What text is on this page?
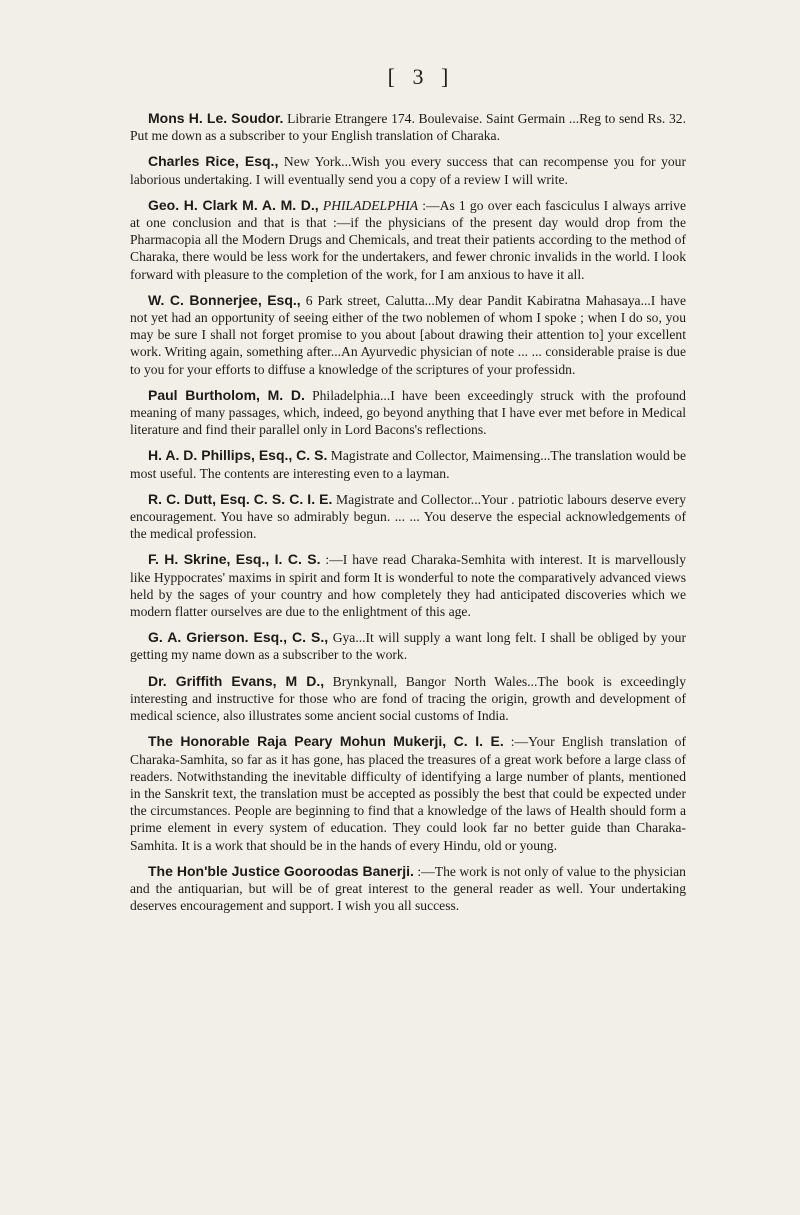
[ 3 ]

Mons H. Le. Soudor. Librarie Etrangere 174. Boulevaise. Saint Germain ...Reg to send Rs. 32. Put me down as a subscriber to your English translation of Charaka.

Charles Rice, Esq., New York...Wish you every success that can recompense you for your laborious undertaking. I will eventually send you a copy of a review I will write.

Geo. H. Clark M. A. M. D., PHILADELPHIA :—As 1 go over each fasciculus I always arrive at one conclusion and that is that :—if the physicians of the present day would drop from the Pharmacopia all the Modern Drugs and Chemicals, and treat their patients according to the method of Charaka, there would be less work for the undertakers, and fewer chronic invalids in the world. I look forward with pleasure to the completion of the work, for I am anxious to have it all.

W. C. Bonnerjee, Esq., 6 Park street, Calutta...My dear Pandit Kabiratna Mahasaya...I have not yet had an opportunity of seeing either of the two noblemen of whom I spoke ; when I do so, you may be sure I shall not forget promise to you about [about drawing their attention to] your excellent work. Writing again, something after...An Ayurvedic physician of note ... ... considerable praise is due to you for your efforts to diffuse a knowledge of the scriptures of your professidn.

Paul Burtholom, M. D. Philadelphia...I have been exceedingly struck with the profound meaning of many passages, which, indeed, go beyond anything that I have ever met before in Medical literature and find their parallel only in Lord Bacons's reflections.

H. A. D. Phillips, Esq., C. S. Magistrate and Collector, Maimensing...The translation would be most useful. The contents are interesting even to a layman.

R. C. Dutt, Esq. C. S. C. I. E. Magistrate and Collector...Your . patriotic labours deserve every encouragement. You have so admirably begun. ... ... You deserve the especial acknowledgements of the medical profession.

F. H. Skrine, Esq., I. C. S. :—I have read Charaka-Semhita with interest. It is marvellously like Hyppocrates' maxims in spirit and form It is wonderful to note the comparatively advanced views held by the sages of your country and how completely they had anticipated discoveries which we modern flatter ourselves are due to the enlightment of this age.

G. A. Grierson. Esq., C. S., Gya...It will supply a want long felt. I shall be obliged by your getting my name down as a subscriber to the work.

Dr. Griffith Evans, M D., Brynkynall, Bangor North Wales...The book is exceedingly interesting and instructive for those who are fond of tracing the origin, growth and development of medical science, also illustrates some ancient social customs of India.

The Honorable Raja Peary Mohun Mukerji, C. I. E. :—Your English translation of Charaka-Samhita, so far as it has gone, has placed the treasures of a great work before a large class of readers. Notwithstanding the inevitable difficulty of identifying a large number of plants, mentioned in the Sanskrit text, the translation must be accepted as possibly the best that could be expected under the circumstances. People are beginning to find that a knowledge of the laws of Health should form a prime element in every system of education. They could look far no better guide than Charaka-Samhita. It is a work that should be in the hands of every Hindu, old or young.

The Hon'ble Justice Gooroodas Banerji. :—The work is not only of value to the physician and the antiquarian, but will be of great interest to the general reader as well. Your undertaking deserves encouragement and support. I wish you all success.
